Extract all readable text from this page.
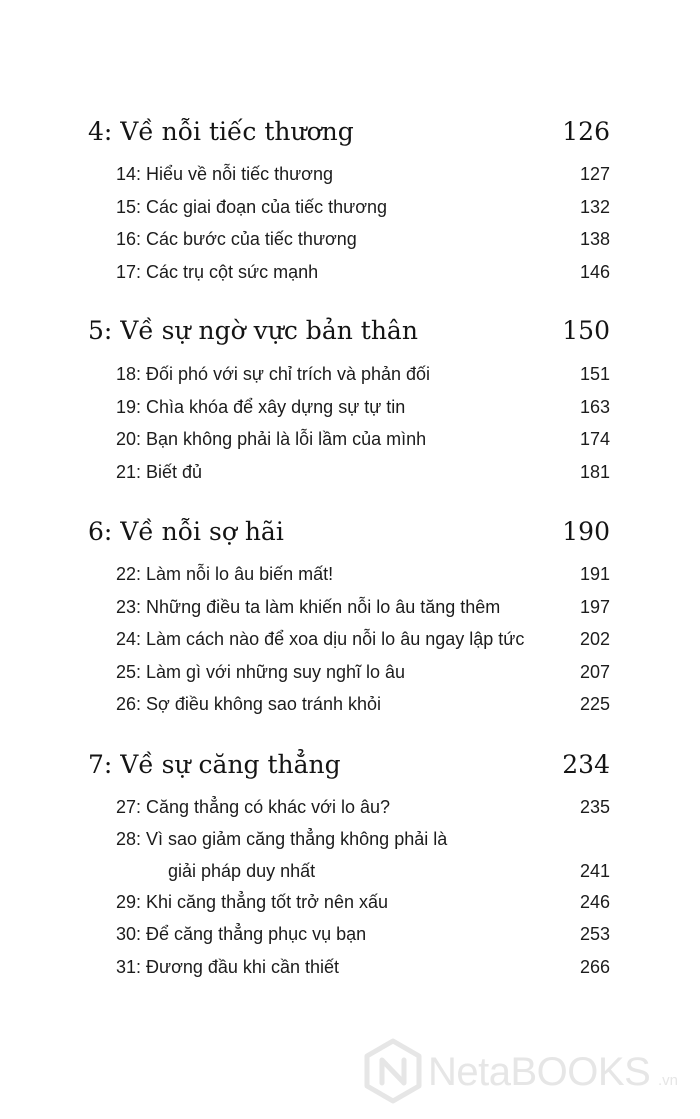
4: Về nỗi tiếc thương	126
14: Hiểu về nỗi tiếc thương	127
15: Các giai đoạn của tiếc thương	132
16: Các bước của tiếc thương	138
17: Các trụ cột sức mạnh	146
5: Về sự ngờ vực bản thân	150
18: Đối phó với sự chỉ trích và phản đối	151
19: Chìa khóa để xây dựng sự tự tin	163
20: Bạn không phải là lỗi lầm của mình	174
21: Biết đủ	181
6: Về nỗi sợ hãi	190
22: Làm nỗi lo âu biến mất!	191
23: Những điều ta làm khiến nỗi lo âu tăng thêm	197
24: Làm cách nào để xoa dịu nỗi lo âu ngay lập tức	202
25: Làm gì với những suy nghĩ lo âu	207
26: Sợ điều không sao tránh khỏi	225
7: Về sự căng thẳng	234
27: Căng thẳng có khác với lo âu?	235
28: Vì sao giảm căng thẳng không phải là
giải pháp duy nhất	241
29: Khi căng thẳng tốt trở nên xấu	246
30: Để căng thẳng phục vụ bạn	253
31: Đương đầu khi cần thiết	266
NetaBOOKS .vn
